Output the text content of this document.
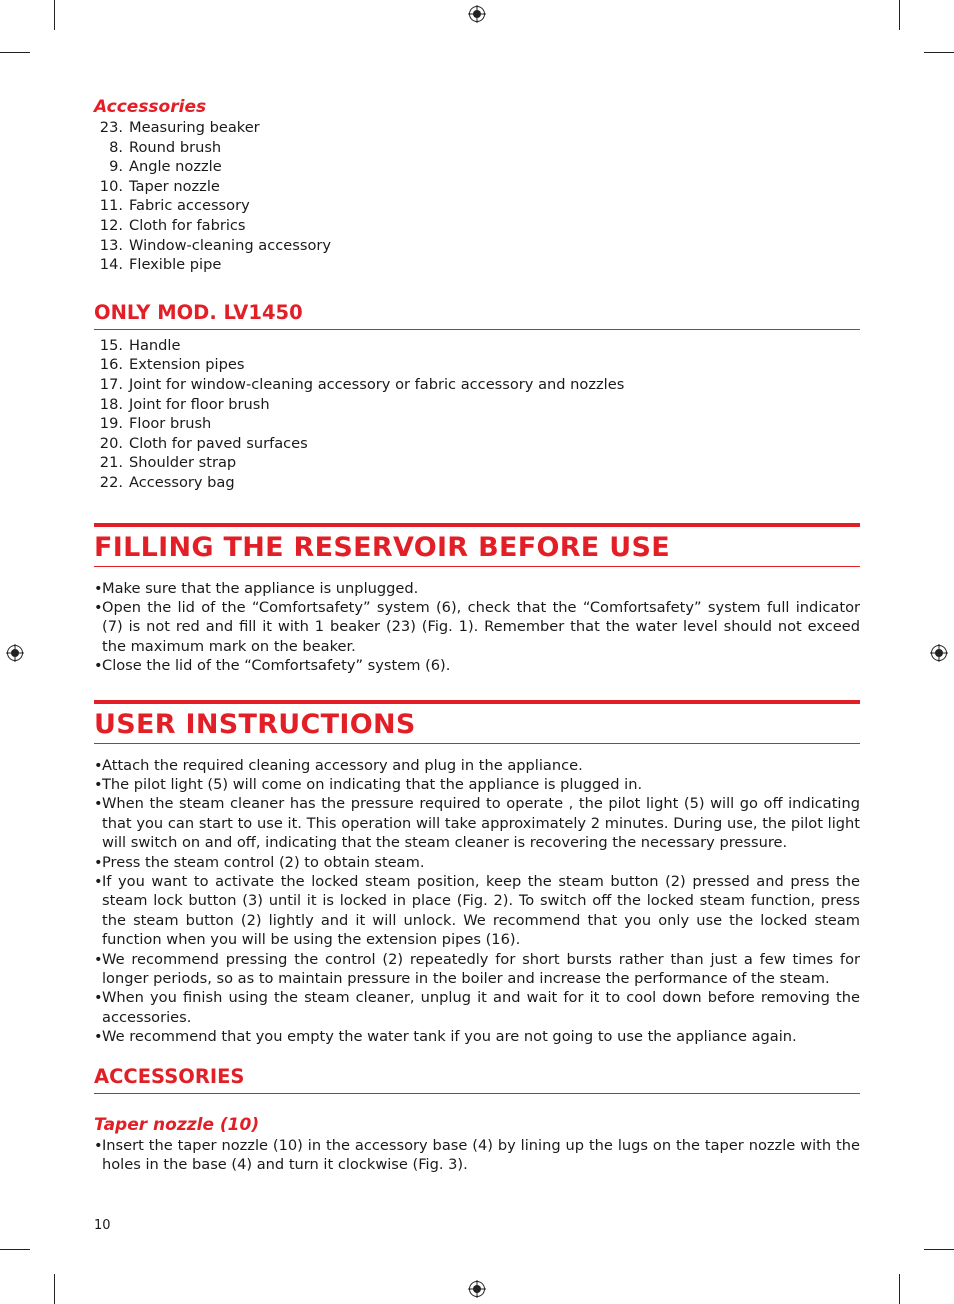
Accessories
23. Measuring beaker
8. Round brush
9. Angle nozzle
10. Taper nozzle
11. Fabric accessory
12. Cloth for fabrics
13. Window-cleaning accessory
14. Flexible pipe
ONLY MOD. LV1450
15. Handle
16. Extension pipes
17. Joint for window-cleaning accessory or fabric accessory and nozzles
18. Joint for floor brush
19. Floor brush
20. Cloth for paved surfaces
21. Shoulder strap
22. Accessory bag
FILLING THE RESERVOIR BEFORE USE
• Make sure that the appliance is unplugged.
• Open the lid of the “Comfortsafety” system (6), check that the “Comfortsafety” system full indicator (7) is not red and fill it with 1 beaker (23) (Fig. 1). Remember that the water level should not exceed the maximum mark on the beaker.
• Close the lid of the “Comfortsafety” system (6).
USER INSTRUCTIONS
• Attach the required cleaning accessory and plug in the appliance.
• The pilot light (5) will come on indicating that the appliance is plugged in.
• When the steam cleaner has the pressure required to operate , the pilot light (5) will go off indicating that you can start to use it. This operation will take approximately 2 minutes. During use, the pilot light will switch on and off, indicating that the steam cleaner is recovering the necessary pressure.
• Press the steam control (2) to obtain steam.
• If you want to activate the locked steam position, keep the steam button (2) pressed and press the steam lock button (3) until it is locked in place (Fig. 2). To switch off the locked steam function, press the steam button (2) lightly and it will unlock. We recommend that you only use the locked steam function when you will be using the extension pipes (16).
• We recommend pressing the control (2) repeatedly for short bursts rather than just a few times for longer periods, so as to maintain pressure in the boiler and increase the performance of the steam.
• When you finish using the steam cleaner, unplug it and wait for it to cool down before removing the accessories.
• We recommend that you empty the water tank if you are not going to use the appliance again.
ACCESSORIES
Taper nozzle (10)
• Insert the taper nozzle (10) in the accessory base (4) by lining up the lugs on the taper nozzle with the holes in the base (4) and turn it clockwise (Fig. 3).
10
